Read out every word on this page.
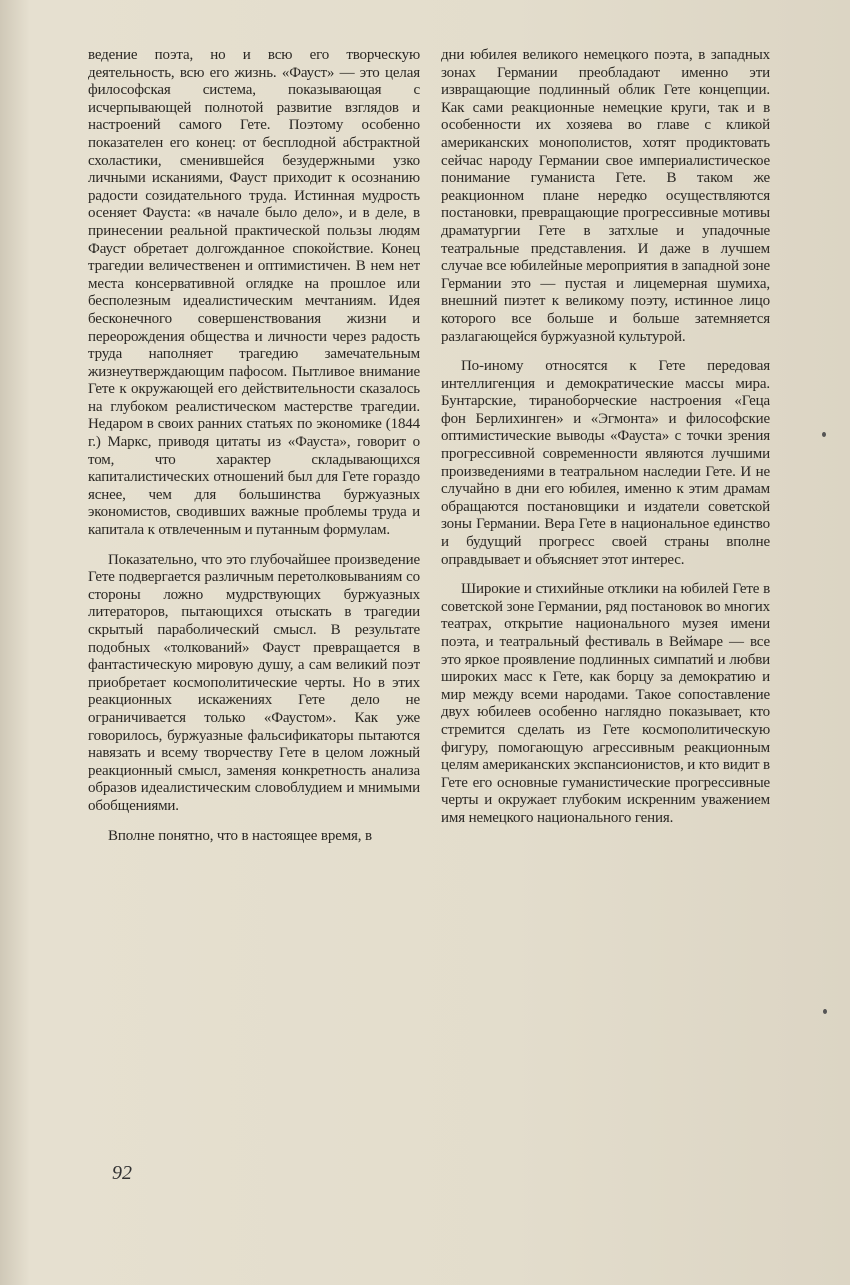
ведение поэта, но и всю его творческую деятельность, всю его жизнь. «Фауст» — это целая философская система, показывающая с исчерпывающей полнотой развитие взглядов и настроений самого Гете. Поэтому особенно показателен его конец: от бесплодной абстрактной схоластики, сменившейся безудержными узко личными исканиями, Фауст приходит к осознанию радости созидательного труда. Истинная мудрость осеняет Фауста: «в начале было дело», и в деле, в принесении реальной практической пользы людям Фауст обретает долгожданное спокойствие. Конец трагедии величественен и оптимистичен. В нем нет места консервативной оглядке на прошлое или бесполезным идеалистическим мечтаниям. Идея бесконечного совершенствования жизни и переорождения общества и личности через радость труда наполняет трагедию замечательным жизнеутверждающим пафосом. Пытливое внимание Гете к окружающей его действительности сказалось на глубоком реалистическом мастерстве трагедии. Недаром в своих ранних статьях по экономике (1844 г.) Маркс, приводя цитаты из «Фауста», говорит о том, что характер складывающихся капиталистических отношений был для Гете гораздо яснее, чем для большинства буржуазных экономистов, сводивших важные проблемы труда и капитала к отвлеченным и путанным формулам.

Показательно, что это глубочайшее произведение Гете подвергается различным перетолковываниям со стороны ложно мудрствующих буржуазных литераторов, пытающихся отыскать в трагедии скрытый параболический смысл. В результате подобных «толкований» Фауст превращается в фантастическую мировую душу, а сам великий поэт приобретает космополитические черты. Но в этих реакционных искажениях Гете дело не ограничивается только «Фаустом». Как уже говорилось, буржуазные фальсификаторы пытаются навязать и всему творчеству Гете в целом ложный реакционный смысл, заменяя конкретность анализа образов идеалистическим словоблудием и мнимыми обобщениями.

Вполне понятно, что в настоящее время, в

дни юбилея великого немецкого поэта, в западных зонах Германии преобладают именно эти извращающие подлинный облик Гете концепции. Как сами реакционные немецкие круги, так и в особенности их хозяева во главе с кликой американских монополистов, хотят продиктовать сейчас народу Германии свое империалистическое понимание гуманиста Гете. В таком же реакционном плане нередко осуществляются постановки, превращающие прогрессивные мотивы драматургии Гете в затхлые и упадочные театральные представления. И даже в лучшем случае все юбилейные мероприятия в западной зоне Германии это — пустая и лицемерная шумиха, внешний пиэтет к великому поэту, истинное лицо которого все больше и больше затемняется разлагающейся буржуазной культурой.

По-иному относятся к Гете передовая интеллигенция и демократические массы мира. Бунтарские, тираноборческие настроения «Геца фон Берлихинген» и «Эгмонта» и философские оптимистические выводы «Фауста» с точки зрения прогрессивной современности являются лучшими произведениями в театральном наследии Гете. И не случайно в дни его юбилея, именно к этим драмам обращаются постановщики и издатели советской зоны Германии. Вера Гете в национальное единство и будущий прогресс своей страны вполне оправдывает и объясняет этот интерес.

Широкие и стихийные отклики на юбилей Гете в советской зоне Германии, ряд постановок во многих театрах, открытие национального музея имени поэта, и театральный фестиваль в Веймаре — все это яркое проявление подлинных симпатий и любви широких масс к Гете, как борцу за демократию и мир между всеми народами. Такое сопоставление двух юбилеев особенно наглядно показывает, кто стремится сделать из Гете космополитическую фигуру, помогающую агрессивным реакционным целям американских экспансионистов, и кто видит в Гете его основные гуманистические прогрессивные черты и окружает глубоким искренним уважением имя немецкого национального гения.

92
